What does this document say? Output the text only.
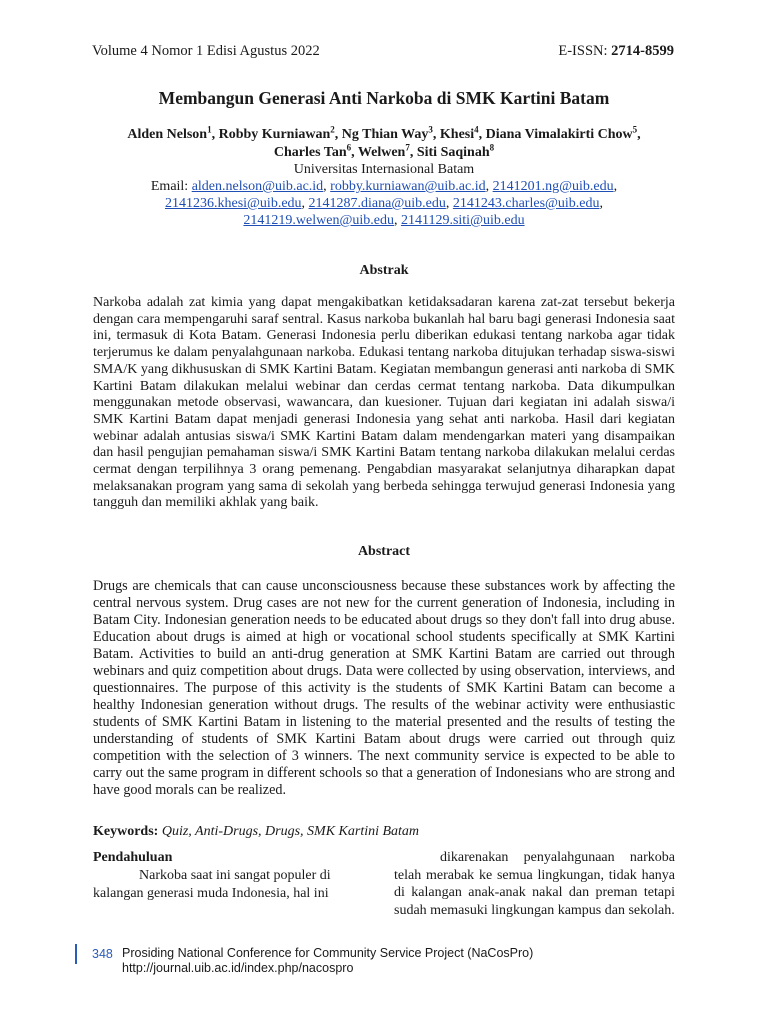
Volume 4 Nomor 1 Edisi Agustus 2022	E-ISSN: 2714-8599
Membangun Generasi Anti Narkoba di SMK Kartini Batam
Alden Nelson$^1$, Robby Kurniawan$^2$, Ng Thian Way$^3$, Khesi$^4$, Diana Vimalakirti Chow$^5$,
Charles Tan$^6$, Welwen$^7$, Siti Saqinah$^8$
Universitas Internasional Batam
Email: alden.nelson@uib.ac.id, robby.kurniawan@uib.ac.id, 2141201.ng@uib.edu,
2141236.khesi@uib.edu, 2141287.diana@uib.edu, 2141243.charles@uib.edu,
2141219.welwen@uib.edu, 2141129.siti@uib.edu
Abstrak
Narkoba adalah zat kimia yang dapat mengakibatkan ketidaksadaran karena zat-zat tersebut bekerja dengan cara mempengaruhi saraf sentral. Kasus narkoba bukanlah hal baru bagi generasi Indonesia saat ini, termasuk di Kota Batam. Generasi Indonesia perlu diberikan edukasi tentang narkoba agar tidak terjerumus ke dalam penyalahgunaan narkoba. Edukasi tentang narkoba ditujukan terhadap siswa-siswi SMA/K yang dikhususkan di SMK Kartini Batam. Kegiatan membangun generasi anti narkoba di SMK Kartini Batam dilakukan melalui webinar dan cerdas cermat tentang narkoba. Data dikumpulkan menggunakan metode observasi, wawancara, dan kuesioner. Tujuan dari kegiatan ini adalah siswa/i SMK Kartini Batam dapat menjadi generasi Indonesia yang sehat anti narkoba. Hasil dari kegiatan webinar adalah antusias siswa/i SMK Kartini Batam dalam mendengarkan materi yang disampaikan dan hasil pengujian pemahaman siswa/i SMK Kartini Batam tentang narkoba dilakukan melalui cerdas cermat dengan terpilihnya 3 orang pemenang. Pengabdian masyarakat selanjutnya diharapkan dapat melaksanakan program yang sama di sekolah yang berbeda sehingga terwujud generasi Indonesia yang tangguh dan memiliki akhlak yang baik.
Abstract
Drugs are chemicals that can cause unconsciousness because these substances work by affecting the central nervous system. Drug cases are not new for the current generation of Indonesia, including in Batam City. Indonesian generation needs to be educated about drugs so they don't fall into drug abuse. Education about drugs is aimed at high or vocational school students specifically at SMK Kartini Batam. Activities to build an anti-drug generation at SMK Kartini Batam are carried out through webinars and quiz competition about drugs. Data were collected by using observation, interviews, and questionnaires. The purpose of this activity is the students of SMK Kartini Batam can become a healthy Indonesian generation without drugs. The results of the webinar activity were enthusiastic students of SMK Kartini Batam in listening to the material presented and the results of testing the understanding of students of SMK Kartini Batam about drugs were carried out through quiz competition with the selection of 3 winners. The next community service is expected to be able to carry out the same program in different schools so that a generation of Indonesians who are strong and have good morals can be realized.
Keywords: Quiz, Anti-Drugs, Drugs, SMK Kartini Batam
Pendahuluan
Narkoba saat ini sangat populer di kalangan generasi muda Indonesia, hal ini
dikarenakan penyalahgunaan narkoba telah merabak ke semua lingkungan, tidak hanya di kalangan anak-anak nakal dan preman tetapi sudah memasuki lingkungan kampus dan sekolah.
348 Prosiding National Conference for Community Service Project (NaCosPro)
http://journal.uib.ac.id/index.php/nacospro
